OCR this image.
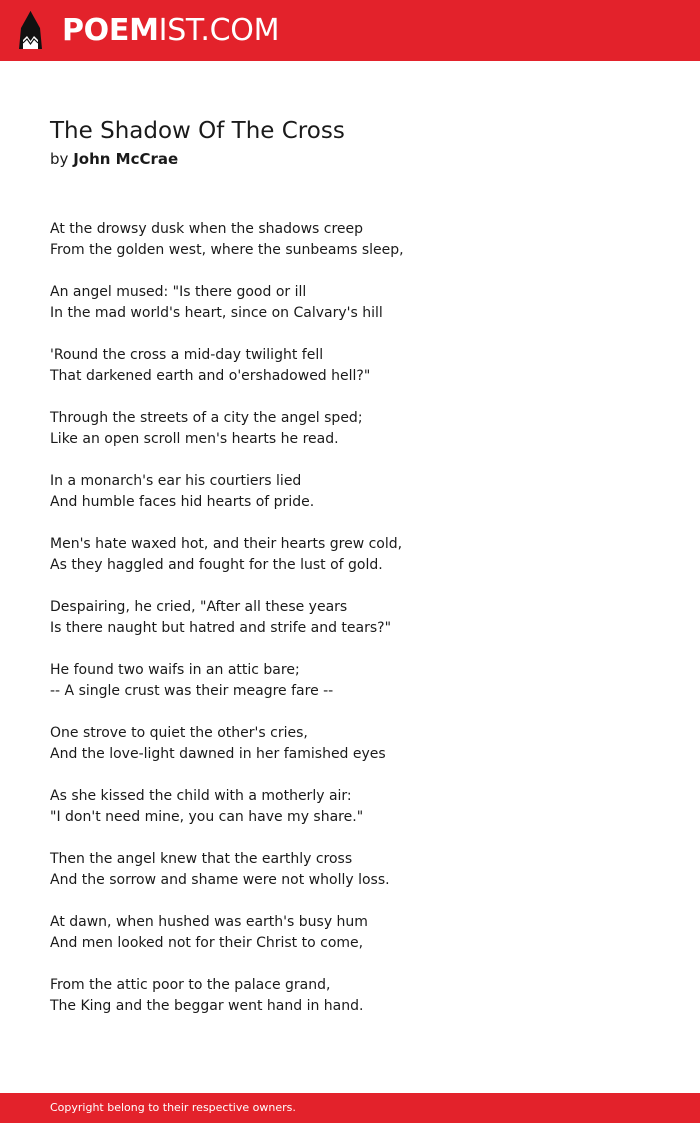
POEMIST.COM
The Shadow Of The Cross
by John McCrae

At the drowsy dusk when the shadows creep
From the golden west, where the sunbeams sleep,

An angel mused: "Is there good or ill
In the mad world's heart, since on Calvary's hill

'Round the cross a mid-day twilight fell
That darkened earth and o'ershadowed hell?"

Through the streets of a city the angel sped;
Like an open scroll men's hearts he read.

In a monarch's ear his courtiers lied
And humble faces hid hearts of pride.

Men's hate waxed hot, and their hearts grew cold,
As they haggled and fought for the lust of gold.

Despairing, he cried, "After all these years
Is there naught but hatred and strife and tears?"

He found two waifs in an attic bare;
-- A single crust was their meagre fare --

One strove to quiet the other's cries,
And the love-light dawned in her famished eyes

As she kissed the child with a motherly air:
"I don't need mine, you can have my share."

Then the angel knew that the earthly cross
And the sorrow and shame were not wholly loss.

At dawn, when hushed was earth's busy hum
And men looked not for their Christ to come,

From the attic poor to the palace grand,
The King and the beggar went hand in hand.

Copyright belong to their respective owners.
